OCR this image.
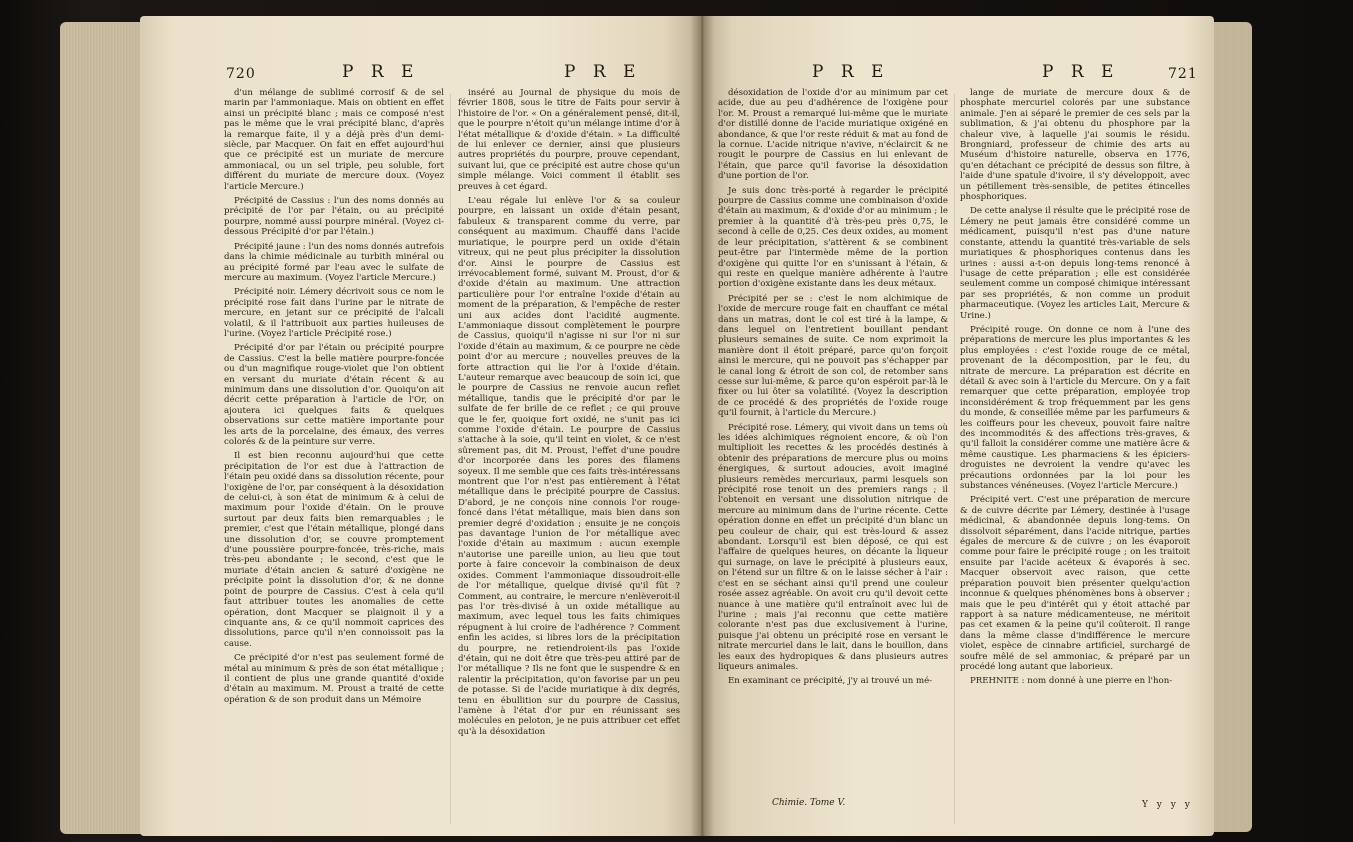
720	P R E	P R E

d'un mélange de sublimé corrosif & de sel marin par l'ammoniaque. Mais on obtient en effet ainsi un précipité blanc ; mais ce composé n'est pas le même que le vrai précipité blanc, d'après la remarque faite, il y a déjà près d'un demi-siècle, par Macquer. On fait en effet aujourd'hui que ce précipité est un muriate de mercure ammoniacal, ou un sel triple, peu soluble, fort différent du muriate de mercure doux. (Voyez l'article Mercure.)

Précipité de Cassius : l'un des noms donnés au précipité de l'or par l'étain, ou au précipité pourpre, nommé aussi pourpre minéral. (Voyez ci-dessous Précipité d'or par l'étain.)

Précipité jaune : l'un des noms donnés autrefois dans la chimie médicinale au turbith minéral ou au précipité formé par l'eau avec le sulfate de mercure au maximum. (Voyez l'article Mercure.)

Précipité noir. Lémery décrivoit sous ce nom le précipité rose fait dans l'urine par le nitrate de mercure, en jetant sur ce précipité de l'alcali volatil, & il l'attribuoit aux parties huileuses de l'urine. (Voyez l'article Précipité rose.)

Précipité d'or par l'étain ou précipité pourpre de Cassius. C'est la belle matière pourpre-foncée ou d'un magnifique rouge-violet que l'on obtient en versant du muriate d'étain récent & au minimum dans une dissolution d'or. Quoiqu'on ait décrit cette préparation à l'article de l'Or, on ajoutera ici quelques faits & quelques observations sur cette matière importante pour les arts de la porcelaine, des émaux, des verres colorés & de la peinture sur verre.

Il est bien reconnu aujourd'hui que cette précipitation de l'or est due à l'attraction de l'étain peu oxidé dans sa dissolution récente, pour l'oxigène de l'or, par conséquent à la désoxidation de celui-ci, à son état de minimum & à celui de maximum pour l'oxide d'étain. On le prouve surtout par deux faits bien remarquables ; le premier, c'est que l'étain métallique, plongé dans une dissolution d'or, se couvre promptement d'une poussière pourpre-foncée, très-riche, mais très-peu abondante ; le second, c'est que le muriate d'étain ancien & saturé d'oxigène ne précipite point la dissolution d'or, & ne donne point de pourpre de Cassius. C'est à cela qu'il faut attribuer toutes les anomalies de cette opération, dont Macquer se plaignoit il y a cinquante ans, & ce qu'il nommoit caprices des dissolutions, parce qu'il n'en connoissoit pas la cause.

Ce précipité d'or n'est pas seulement formé de métal au minimum & près de son état métallique ; il contient de plus une grande quantité d'oxide d'étain au maximum. M. Proust a traité de cette opération & de son produit dans un Mémoire

inséré au Journal de physique du mois de février 1808, sous le titre de Faits pour servir à l'histoire de l'or. « On a généralement pensé, dit-il, que le pourpre n'étoit qu'un mélange intime d'or à l'état métallique & d'oxide d'étain. » La difficulté de lui enlever ce dernier, ainsi que plusieurs autres propriétés du pourpre, prouve cependant, suivant lui, que ce précipité est autre chose qu'un simple mélange. Voici comment il établit ses preuves à cet égard.

L'eau régale lui enlève l'or & sa couleur pourpre, en laissant un oxide d'étain pesant, fabuleux & transparent comme du verre, par conséquent au maximum. Chauffé dans l'acide muriatique, le pourpre perd un oxide d'étain vitreux, qui ne peut plus précipiter la dissolution d'or. Ainsi le pourpre de Cassius est irrévocablement formé, suivant M. Proust, d'or & d'oxide d'étain au maximum. Une attraction particulière pour l'or entraîne l'oxide d'étain au moment de la préparation, & l'empêche de rester uni aux acides dont l'acidité augmente. L'ammoniaque dissout complètement le pourpre de Cassius, quoiqu'il n'agisse ni sur l'or ni sur l'oxide d'étain au maximum, & ce pourpre ne cède point d'or au mercure ; nouvelles preuves de la forte attraction qui lie l'or à l'oxide d'étain. L'auteur remarque avec beaucoup de soin ici, que le pourpre de Cassius ne renvoie aucun reflet métallique, tandis que le précipité d'or par le sulfate de fer brille de ce reflet ; ce qui prouve que le fer, quoique fort oxidé, ne s'unit pas ici comme l'oxide d'étain. Le pourpre de Cassius s'attache à la soie, qu'il teint en violet, & ce n'est sûrement pas, dit M. Proust, l'effet d'une poudre d'or incorporée dans les pores des filamens soyeux. Il me semble que ces faits très-intéressans montrent que l'or n'est pas entièrement à l'état métallique dans le précipité pourpre de Cassius. D'abord, je ne conçois nine connois l'or rouge-foncé dans l'état métallique, mais bien dans son premier degré d'oxidation ; ensuite je ne conçois pas davantage l'union de l'or métallique avec l'oxide d'étain au maximum : aucun exemple n'autorise une pareille union, au lieu que tout porte à faire concevoir la combinaison de deux oxides. Comment l'ammoniaque dissoudroit-elle de l'or métallique, quelque divisé qu'il fût ? Comment, au contraire, le mercure n'enlèveroit-il pas l'or très-divisé à un oxide métallique au maximum, avec lequel tous les faits chimiques répugnent à lui croire de l'adhérence ? Comment enfin les acides, si libres lors de la précipitation du pourpre, ne retiendroient-ils pas l'oxide d'étain, qui ne doit être que très-peu attiré par de l'or métallique ? Ils ne font que le suspendre & en ralentir la précipitation, qu'on favorise par un peu de potasse. Si de l'acide muriatique à dix degrés, tenu en ébullition sur du pourpre de Cassius, l'amène à l'état d'or pur en réunissant ses molécules en peloton, je ne puis attribuer cet effet qu'à la désoxidation

P R E	P R E	721

désoxidation de l'oxide d'or au minimum par cet acide, due au peu d'adhérence de l'oxigène pour l'or. M. Proust a remarqué lui-même que le muriate d'or distillé donne de l'acide muriatique oxigéné en abondance, & que l'or reste réduit & mat au fond de la cornue. L'acide nitrique n'avive, n'éclaircit & ne rougit le pourpre de Cassius en lui enlevant de l'étain, que parce qu'il favorise la désoxidation d'une portion de l'or.

Je suis donc très-porté à regarder le précipité pourpre de Cassius comme une combinaison d'oxide d'étain au maximum, & d'oxide d'or au minimum ; le premier à la quantité d'à très-peu près 0,75, le second à celle de 0,25. Ces deux oxides, au moment de leur précipitation, s'attèrent & se combinent peut-être par l'intermède même de la portion d'oxigène qui quitte l'or en s'unissant à l'étain, & qui reste en quelque manière adhérente à l'autre portion d'oxigène existante dans les deux métaux.

Précipité per se : c'est le nom alchimique de l'oxide de mercure rouge fait en chauffant ce métal dans un matras, dont le col est tiré à la lampe, & dans lequel on l'entretient bouillant pendant plusieurs semaines de suite. Ce nom exprimoit la manière dont il étoit préparé, parce qu'on forçoit ainsi le mercure, qui ne pouvoit pas s'échapper par le canal long & étroit de son col, de retomber sans cesse sur lui-même, & parce qu'on espéroit par-là le fixer ou lui ôter sa volatilité. (Voyez la description de ce procédé & des propriétés de l'oxide rouge qu'il fournit, à l'article du Mercure.)

Précipité rose. Lémery, qui vivoit dans un tems où les idées alchimiques régnoient encore, & où l'on multiplioit les recettes & les procédés destinés à obtenir des préparations de mercure plus ou moins énergiques, & surtout adoucies, avoit imaginé plusieurs remèdes mercuriaux, parmi lesquels son précipité rose tenoit un des premiers rangs ; il l'obtenoit en versant une dissolution nitrique de mercure au minimum dans de l'urine récente. Cette opération donne en effet un précipité d'un blanc un peu couleur de chair, qui est très-lourd & assez abondant. Lorsqu'il est bien déposé, ce qui est l'affaire de quelques heures, on décante la liqueur qui surnage, on lave le précipité à plusieurs eaux, on l'étend sur un filtre & on le laisse sécher à l'air : c'est en se séchant ainsi qu'il prend une couleur rosée assez agréable. On avoit cru qu'il devoit cette nuance à une matière qu'il entraînoit avec lui de l'urine ; mais j'ai reconnu que cette matière colorante n'est pas due exclusivement à l'urine, puisque j'ai obtenu un précipité rose en versant le nitrate mercuriel dans le lait, dans le bouillon, dans les eaux des hydropiques & dans plusieurs autres liqueurs animales.

En examinant ce précipité, j'y ai trouvé un mé-

lange de muriate de mercure doux & de phosphate mercuriel colorés par une substance animale. J'en ai séparé le premier de ces sels par la sublimation, & j'ai obtenu du phosphore par la chaleur vive, à laquelle j'ai soumis le résidu. Brongniard, professeur de chimie des arts au Muséum d'histoire naturelle, observa en 1776, qu'en détachant ce précipité de dessus son filtre, à l'aide d'une spatule d'ivoire, il s'y développoit, avec un pétillement très-sensible, de petites étincelles phosphoriques.

De cette analyse il résulte que le précipité rose de Lémery ne peut jamais être considéré comme un médicament, puisqu'il n'est pas d'une nature constante, attendu la quantité très-variable de sels muriatiques & phosphoriques contenus dans les urines : aussi a-t-on depuis long-tems renoncé à l'usage de cette préparation ; elle est considérée seulement comme un composé chimique intéressant par ses propriétés, & non comme un produit pharmaceutique. (Voyez les articles Lait, Mercure & Urine.)

Précipité rouge. On donne ce nom à l'une des préparations de mercure les plus importantes & les plus employées : c'est l'oxide rouge de ce métal, provenant de la décomposition, par le feu, du nitrate de mercure. La préparation est décrite en détail & avec soin à l'article du Mercure. On y a fait remarquer que cette préparation, employée trop inconsidérément & trop fréquemment par les gens du monde, & conseillée même par les parfumeurs & les coiffeurs pour les cheveux, pouvoit faire naître des incommodités & des affections très-graves, & qu'il falloit la considérer comme une matière âcre & même caustique. Les pharmaciens & les épiciers-droguistes ne devroient la vendre qu'avec les précautions ordonnées par la loi pour les substances vénéneuses. (Voyez l'article Mercure.)

Précipité vert. C'est une préparation de mercure & de cuivre décrite par Lémery, destinée à l'usage médicinal, & abandonnée depuis long-tems. On dissolvoit séparément, dans l'acide nitrique, parties égales de mercure & de cuivre ; on les évaporoit comme pour faire le précipité rouge ; on les traitoit ensuite par l'acide acéteux & évaporés à sec. Macquer observoit avec raison, que cette préparation pouvoit bien présenter quelqu'action inconnue & quelques phénomènes bons à observer ; mais que le peu d'intérêt qui y étoit attaché par rapport à sa nature médicamenteuse, ne méritoit pas cet examen & la peine qu'il coûteroit. Il range dans la même classe d'indifférence le mercure violet, espèce de cinnabre artificiel, surchargé de soufre mêlé de sel ammoniac, & préparé par un procédé long autant que laborieux.

PREHNITE : nom donné à une pierre en l'hon-

Chimie. Tome V.	Y y y y
